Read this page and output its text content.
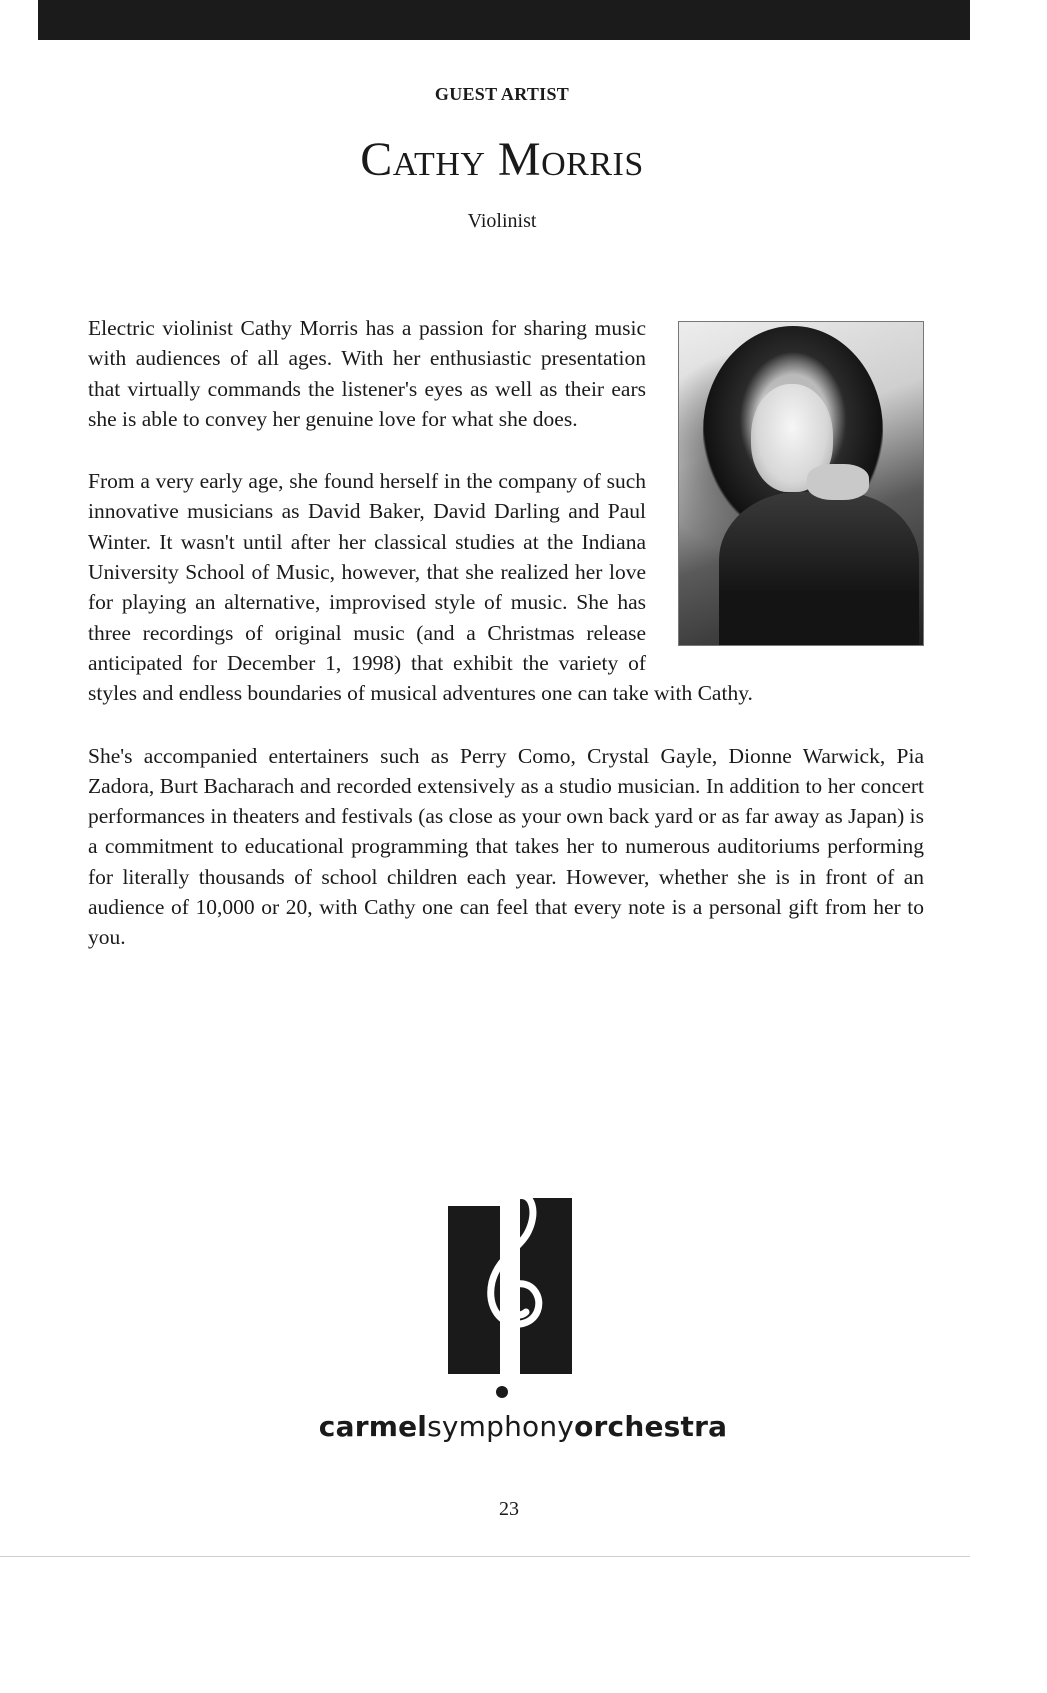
GUEST ARTIST
Cathy Morris
Violinist

Electric violinist Cathy Morris has a passion for sharing music with audiences of all ages. With her enthusiastic presentation that virtually commands the listener's eyes as well as their ears she is able to convey her genuine love for what she does.

From a very early age, she found herself in the company of such innovative musicians as David Baker, David Darling and Paul Winter. It wasn't until after her classical studies at the Indiana University School of Music, however, that she realized her love for playing an alternative, improvised style of music. She has three recordings of original music (and a Christmas release anticipated for December 1, 1998) that exhibit the variety of styles and endless boundaries of musical adventures one can take with Cathy.

She's accompanied entertainers such as Perry Como, Crystal Gayle, Dionne Warwick, Pia Zadora, Burt Bacharach and recorded extensively as a studio musician. In addition to her concert performances in theaters and festivals (as close as your own back yard or as far away as Japan) is a commitment to educational programming that takes her to numerous auditoriums performing for literally thousands of school children each year. However, whether she is in front of an audience of 10,000 or 20, with Cathy one can feel that every note is a personal gift from her to you.

carmelsymphonyorchestra
23
